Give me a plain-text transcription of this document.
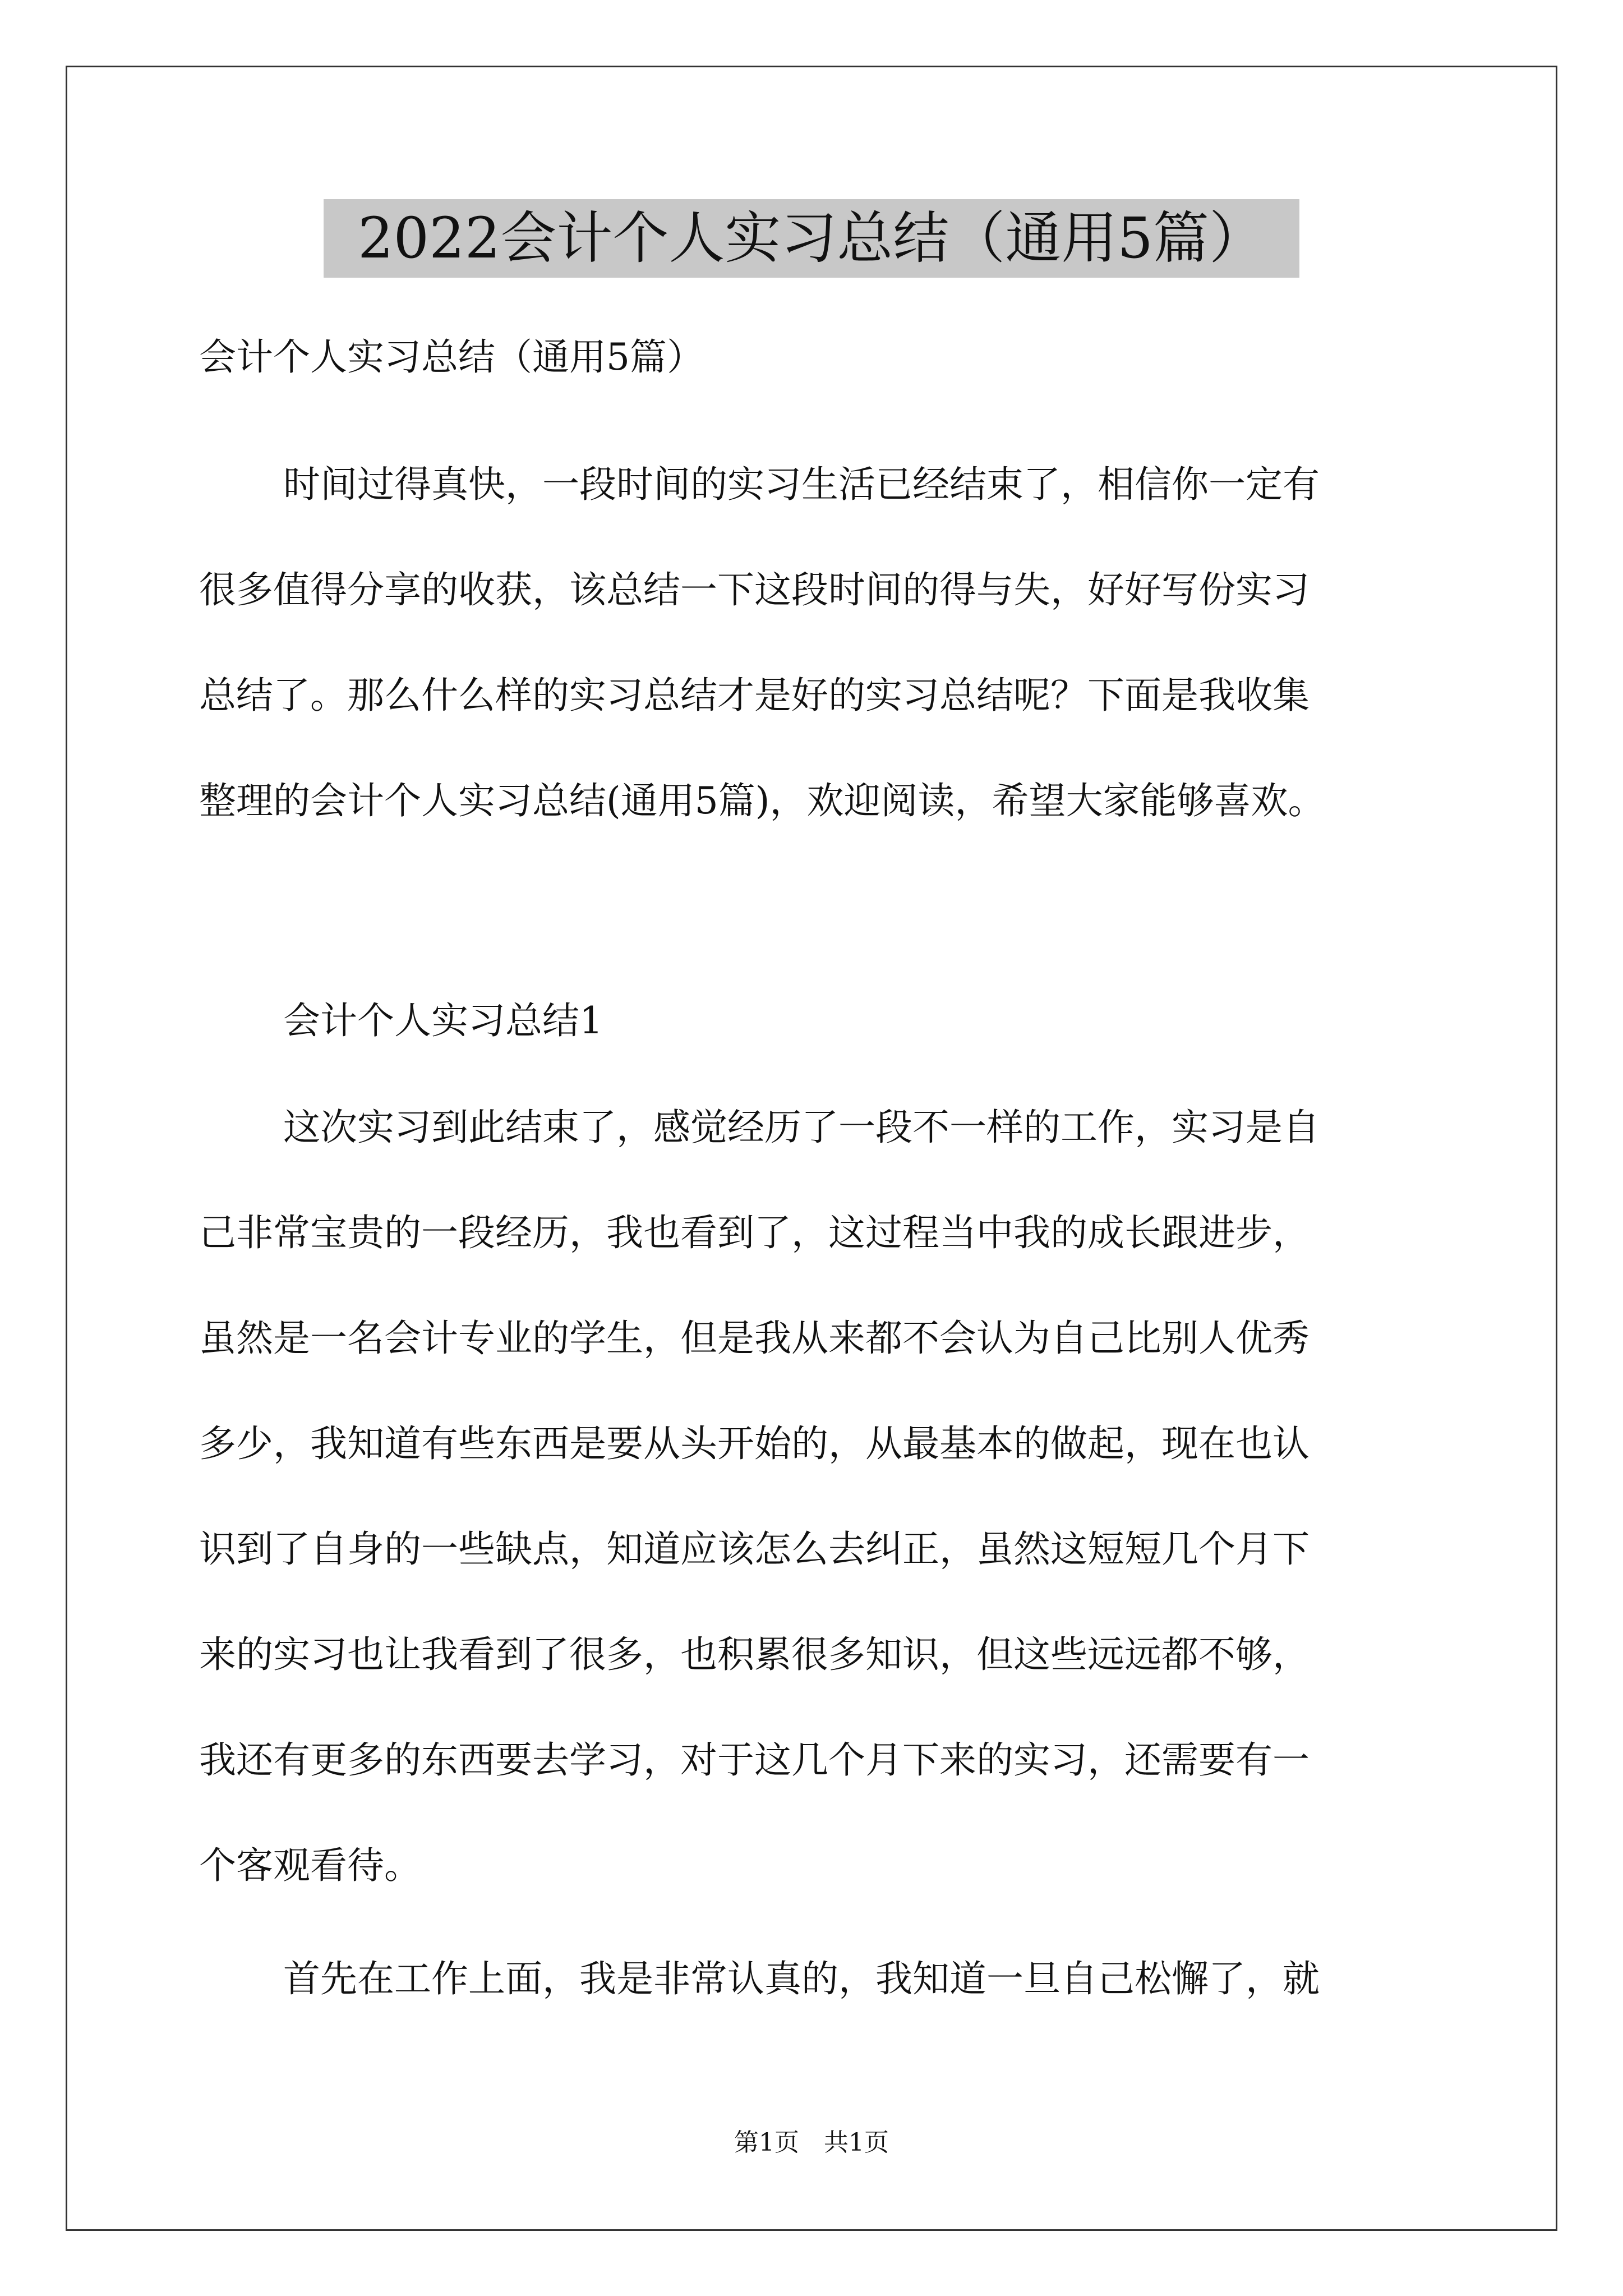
2022会计个人实习总结（通用5篇）
会计个人实习总结（通用5篇）
时间过得真快，一段时间的实习生活已经结束了，相信你一定有
很多值得分享的收获，该总结一下这段时间的得与失，好好写份实习
总结了。那么什么样的实习总结才是好的实习总结呢？下面是我收集
整理的会计个人实习总结(通用5篇)，欢迎阅读，希望大家能够喜欢。
会计个人实习总结1
这次实习到此结束了，感觉经历了一段不一样的工作，实习是自
己非常宝贵的一段经历，我也看到了，这过程当中我的成长跟进步，
虽然是一名会计专业的学生，但是我从来都不会认为自己比别人优秀
多少，我知道有些东西是要从头开始的，从最基本的做起，现在也认
识到了自身的一些缺点，知道应该怎么去纠正，虽然这短短几个月下
来的实习也让我看到了很多，也积累很多知识，但这些远远都不够，
我还有更多的东西要去学习，对于这几个月下来的实习，还需要有一
个客观看待。
首先在工作上面，我是非常认真的，我知道一旦自己松懈了，就
第1页　共1页
